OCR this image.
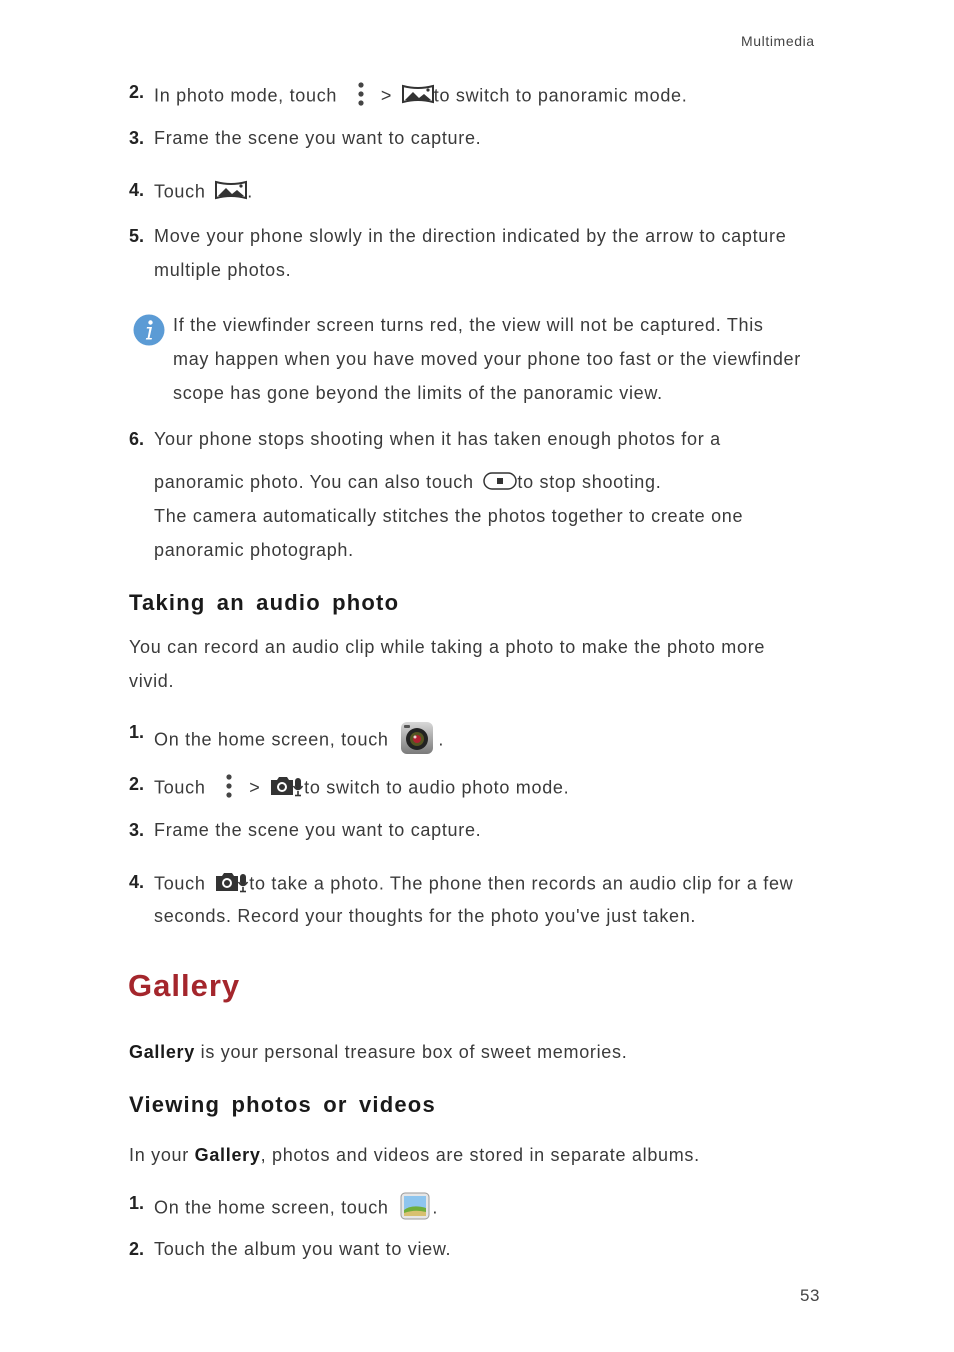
Multimedia
2. In photo mode, touch > to switch to panoramic mode.
3. Frame the scene you want to capture.
4. Touch .
5. Move your phone slowly in the direction indicated by the arrow to capture
multiple photos.
If the viewfinder screen turns red, the view will not be captured. This
may happen when you have moved your phone too fast or the viewfinder
scope has gone beyond the limits of the panoramic view.
6. Your phone stops shooting when it has taken enough photos for a
panoramic photo. You can also touch to stop shooting.
The camera automatically stitches the photos together to create one
panoramic photograph.
Taking an audio photo
You can record an audio clip while taking a photo to make the photo more
vivid.
1. On the home screen, touch	.
2. Touch > to switch to audio photo mode.
3. Frame the scene you want to capture.
4. Touch to take a photo. The phone then records an audio clip for a few
seconds. Record your thoughts for the photo you've just taken.
Gallery
Gallery is your personal treasure box of sweet memories.
Viewing photos or videos
In your Gallery, photos and videos are stored in separate albums.
1. On the home screen, touch .
2. Touch the album you want to view.
53
